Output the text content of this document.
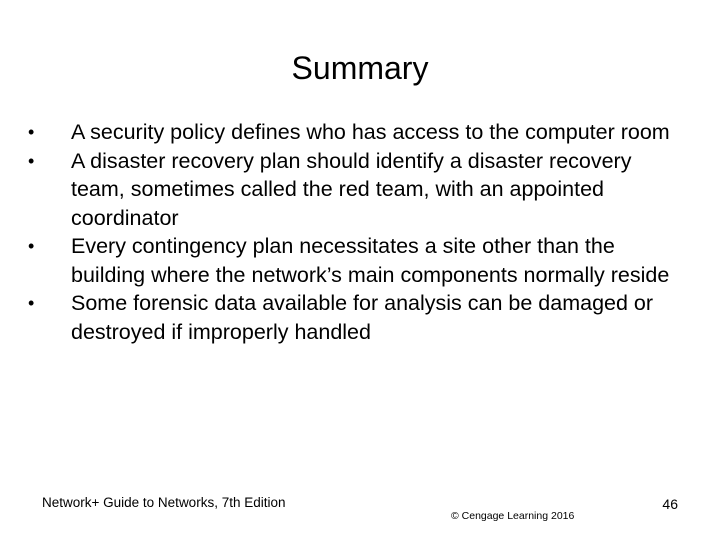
Summary
•	A security policy defines who has access to the computer room
•	A disaster recovery plan should identify a disaster recovery team, sometimes called the red team, with an appointed coordinator
•	Every contingency plan necessitates a site other than the building where the network’s main components normally reside
•	Some forensic data available for analysis can be damaged or destroyed if improperly handled
Network+ Guide to Networks, 7th Edition
© Cengage Learning 2016
46
